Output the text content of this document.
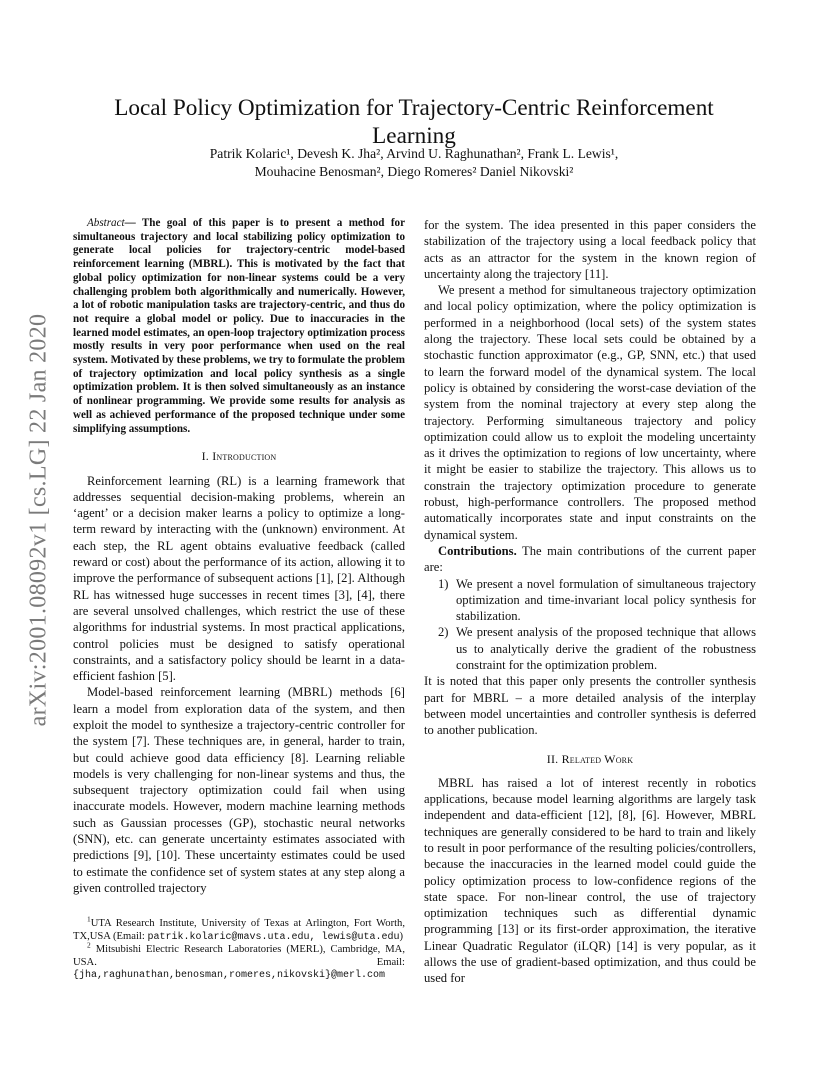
arXiv:2001.08092v1 [cs.LG] 22 Jan 2020
Local Policy Optimization for Trajectory-Centric Reinforcement Learning
Patrik Kolaric¹, Devesh K. Jha², Arvind U. Raghunathan², Frank L. Lewis¹,
Mouhacine Benosman², Diego Romeres² Daniel Nikovski²

Abstract— The goal of this paper is to present a method for simultaneous trajectory and local stabilizing policy optimization to generate local policies for trajectory-centric model-based reinforcement learning (MBRL). This is motivated by the fact that global policy optimization for non-linear systems could be a very challenging problem both algorithmically and numerically. However, a lot of robotic manipulation tasks are trajectory-centric, and thus do not require a global model or policy. Due to inaccuracies in the learned model estimates, an open-loop trajectory optimization process mostly results in very poor performance when used on the real system. Motivated by these problems, we try to formulate the problem of trajectory optimization and local policy synthesis as a single optimization problem. It is then solved simultaneously as an instance of nonlinear programming. We provide some results for analysis as well as achieved performance of the proposed technique under some simplifying assumptions.

I. Introduction

Reinforcement learning (RL) is a learning framework that addresses sequential decision-making problems, wherein an ‘agent’ or a decision maker learns a policy to optimize a long-term reward by interacting with the (unknown) environment. At each step, the RL agent obtains evaluative feedback (called reward or cost) about the performance of its action, allowing it to improve the performance of subsequent actions [1], [2]. Although RL has witnessed huge successes in recent times [3], [4], there are several unsolved challenges, which restrict the use of these algorithms for industrial systems. In most practical applications, control policies must be designed to satisfy operational constraints, and a satisfactory policy should be learnt in a data-efficient fashion [5].

Model-based reinforcement learning (MBRL) methods [6] learn a model from exploration data of the system, and then exploit the model to synthesize a trajectory-centric controller for the system [7]. These techniques are, in general, harder to train, but could achieve good data efficiency [8]. Learning reliable models is very challenging for non-linear systems and thus, the subsequent trajectory optimization could fail when using inaccurate models. However, modern machine learning methods such as Gaussian processes (GP), stochastic neural networks (SNN), etc. can generate uncertainty estimates associated with predictions [9], [10]. These uncertainty estimates could be used to estimate the confidence set of system states at any step along a given controlled trajectory

$^1$UTA Research Institute, University of Texas at Arlington, Fort Worth, TX,USA (Email: patrik.kolaric@mavs.uta.edu, lewis@uta.edu)

$^2$ Mitsubishi Electric Research Laboratories (MERL), Cambridge, MA, USA. Email: {jha,raghunathan,benosman,romeres,nikovski}@merl.com

for the system. The idea presented in this paper considers the stabilization of the trajectory using a local feedback policy that acts as an attractor for the system in the known region of uncertainty along the trajectory [11].

We present a method for simultaneous trajectory optimization and local policy optimization, where the policy optimization is performed in a neighborhood (local sets) of the system states along the trajectory. These local sets could be obtained by a stochastic function approximator (e.g., GP, SNN, etc.) that used to learn the forward model of the dynamical system. The local policy is obtained by considering the worst-case deviation of the system from the nominal trajectory at every step along the trajectory. Performing simultaneous trajectory and policy optimization could allow us to exploit the modeling uncertainty as it drives the optimization to regions of low uncertainty, where it might be easier to stabilize the trajectory. This allows us to constrain the trajectory optimization procedure to generate robust, high-performance controllers. The proposed method automatically incorporates state and input constraints on the dynamical system.

Contributions. The main contributions of the current paper are:

1) We present a novel formulation of simultaneous trajectory optimization and time-invariant local policy synthesis for stabilization.
2) We present analysis of the proposed technique that allows us to analytically derive the gradient of the robustness constraint for the optimization problem.

It is noted that this paper only presents the controller synthesis part for MBRL – a more detailed analysis of the interplay between model uncertainties and controller synthesis is deferred to another publication.

II. Related Work

MBRL has raised a lot of interest recently in robotics applications, because model learning algorithms are largely task independent and data-efficient [12], [8], [6]. However, MBRL techniques are generally considered to be hard to train and likely to result in poor performance of the resulting policies/controllers, because the inaccuracies in the learned model could guide the policy optimization process to low-confidence regions of the state space. For non-linear control, the use of trajectory optimization techniques such as differential dynamic programming [13] or its first-order approximation, the iterative Linear Quadratic Regulator (iLQR) [14] is very popular, as it allows the use of gradient-based optimization, and thus could be used for
